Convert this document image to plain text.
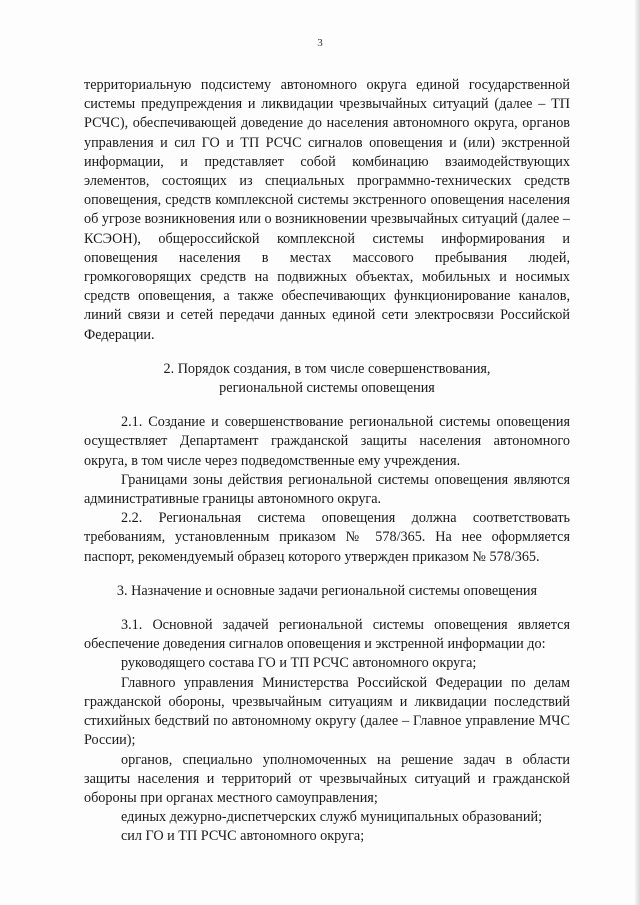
3

территориальную подсистему автономного округа единой государственной системы предупреждения и ликвидации чрезвычайных ситуаций (далее – ТП РСЧС), обеспечивающей доведение до населения автономного округа, органов управления и сил ГО и ТП РСЧС сигналов оповещения и (или) экстренной информации, и представляет собой комбинацию взаимодействующих элементов, состоящих из специальных программно-технических средств оповещения, средств комплексной системы экстренного оповещения населения об угрозе возникновения или о возникновении чрезвычайных ситуаций (далее – КСЭОН), общероссийской комплексной системы информирования и оповещения населения в местах массового пребывания людей, громкоговорящих средств на подвижных объектах, мобильных и носимых средств оповещения, а также обеспечивающих функционирование каналов, линий связи и сетей передачи данных единой сети электросвязи Российской Федерации.

2. Порядок создания, в том числе совершенствования,

региональной системы оповещения

2.1. Создание и совершенствование региональной системы оповещения осуществляет Департамент гражданской защиты населения автономного округа, в том числе через подведомственные ему учреждения.

Границами зоны действия региональной системы оповещения являются административные границы автономного округа.

2.2. Региональная система оповещения должна соответствовать требованиям, установленным приказом № 578/365. На нее оформляется паспорт, рекомендуемый образец которого утвержден приказом № 578/365.

3. Назначение и основные задачи региональной системы оповещения

3.1. Основной задачей региональной системы оповещения является обеспечение доведения сигналов оповещения и экстренной информации до:

руководящего состава ГО и ТП РСЧС автономного округа;

Главного управления Министерства Российской Федерации по делам гражданской обороны, чрезвычайным ситуациям и ликвидации последствий стихийных бедствий по автономному округу (далее – Главное управление МЧС России);

органов, специально уполномоченных на решение задач в области защиты населения и территорий от чрезвычайных ситуаций и гражданской обороны при органах местного самоуправления;

единых дежурно-диспетчерских служб муниципальных образований;

сил ГО и ТП РСЧС автономного округа;
